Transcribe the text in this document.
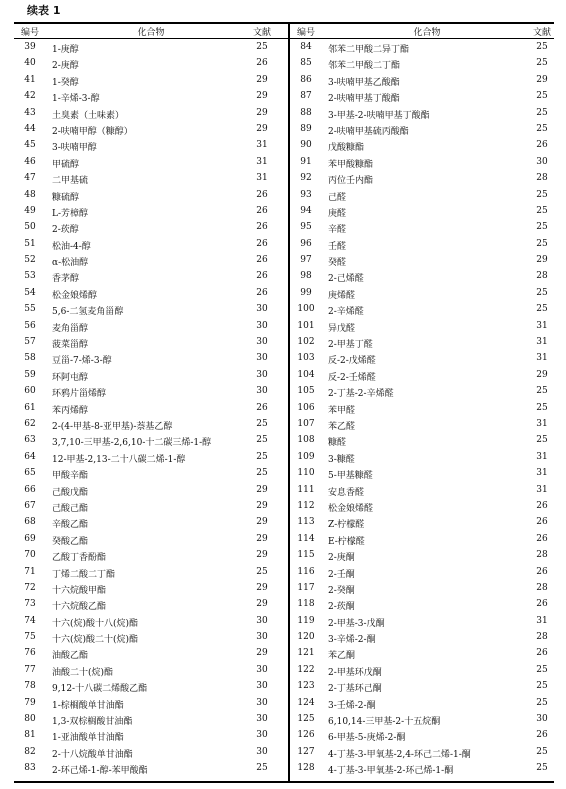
续表 1
编号	化合物	文献
39	1-庚醇	25
40	2-庚醇	26
41	1-癸醇	29
42	1-辛烯-3-醇	29
43	土臭素（土味素）	29
44	2-呋喃甲醇（糠醇）	29
45	3-呋喃甲醇	31
46	甲硫醇	31
47	二甲基硫	31
48	糠硫醇	26
49	L-芳樟醇	26
50	2-莰醇	26
51	松油-4-醇	26
52	α-松油醇	26
53	香茅醇	26
54	松金娘烯醇	26
55	5,6-二氢麦角甾醇	30
56	麦角甾醇	30
57	菠菜甾醇	30
58	豆甾-7-烯-3-醇	30
59	环阿屯醇	30
60	环鸦片甾烯醇	30
61	苯丙烯醇	26
62	2-(4-甲基-8-亚甲基)-萘基乙醇	25
63	3,7,10-三甲基-2,6,10-十二碳三烯-1-醇	25
64	12-甲基-2,13-二十八碳二烯-1-醇	25
65	甲酸辛酯	25
66	己酸戊酯	29
67	己酸己酯	29
68	辛酸乙酯	29
69	癸酸乙酯	29
70	乙酸丁香酚酯	29
71	丁烯二酸二丁酯	25
72	十六烷酸甲酯	29
73	十六烷酸乙酯	29
74	十六(烷)酸十八(烷)酯	30
75	十六(烷)酸二十(烷)酯	30
76	油酸乙酯	29
77	油酸二十(烷)酯	30
78	9,12-十八碳二烯酸乙酯	30
79	1-棕榈酸单甘油酯	30
80	1,3-双棕榈酸甘油酯	30
81	1-亚油酸单甘油酯	30
82	2-十八烷酸单甘油酯	30
83	2-环己烯-1-醇-苯甲酸酯	25
编号	化合物	文献
84	邻苯二甲酸二异丁酯	25
85	邻苯二甲酸二丁酯	25
86	3-呋喃甲基乙酸酯	29
87	2-呋喃甲基丁酸酯	25
88	3-甲基-2-呋喃甲基丁酸酯	25
89	2-呋喃甲基硫丙酸酯	25
90	戊酸糠酯	26
91	苯甲酸糠酯	30
92	丙位壬内酯	28
93	己醛	25
94	庚醛	25
95	辛醛	25
96	壬醛	25
97	癸醛	29
98	2-己烯醛	28
99	庚烯醛	25
100	2-辛烯醛	25
101	异戊醛	31
102	2-甲基丁醛	31
103	反-2-戊烯醛	31
104	反-2-壬烯醛	29
105	2-丁基-2-辛烯醛	25
106	苯甲醛	25
107	苯乙醛	31
108	糠醛	25
109	3-糠醛	31
110	5-甲基糠醛	31
111	安息香醛	31
112	松金娘烯醛	26
113	Z-柠檬醛	26
114	E-柠檬醛	26
115	2-庚酮	28
116	2-壬酮	26
117	2-癸酮	28
118	2-莰酮	26
119	2-甲基-3-戊酮	31
120	3-辛烯-2-酮	28
121	苯乙酮	26
122	2-甲基环戊酮	25
123	2-丁基环己酮	25
124	3-壬烯-2-酮	25
125	6,10,14-三甲基-2-十五烷酮	30
126	6-甲基-5-庚烯-2-酮	26
127	4-丁基-3-甲氧基-2,4-环己二烯-1-酮	25
128	4-丁基-3-甲氧基-2-环己烯-1-酮	25
